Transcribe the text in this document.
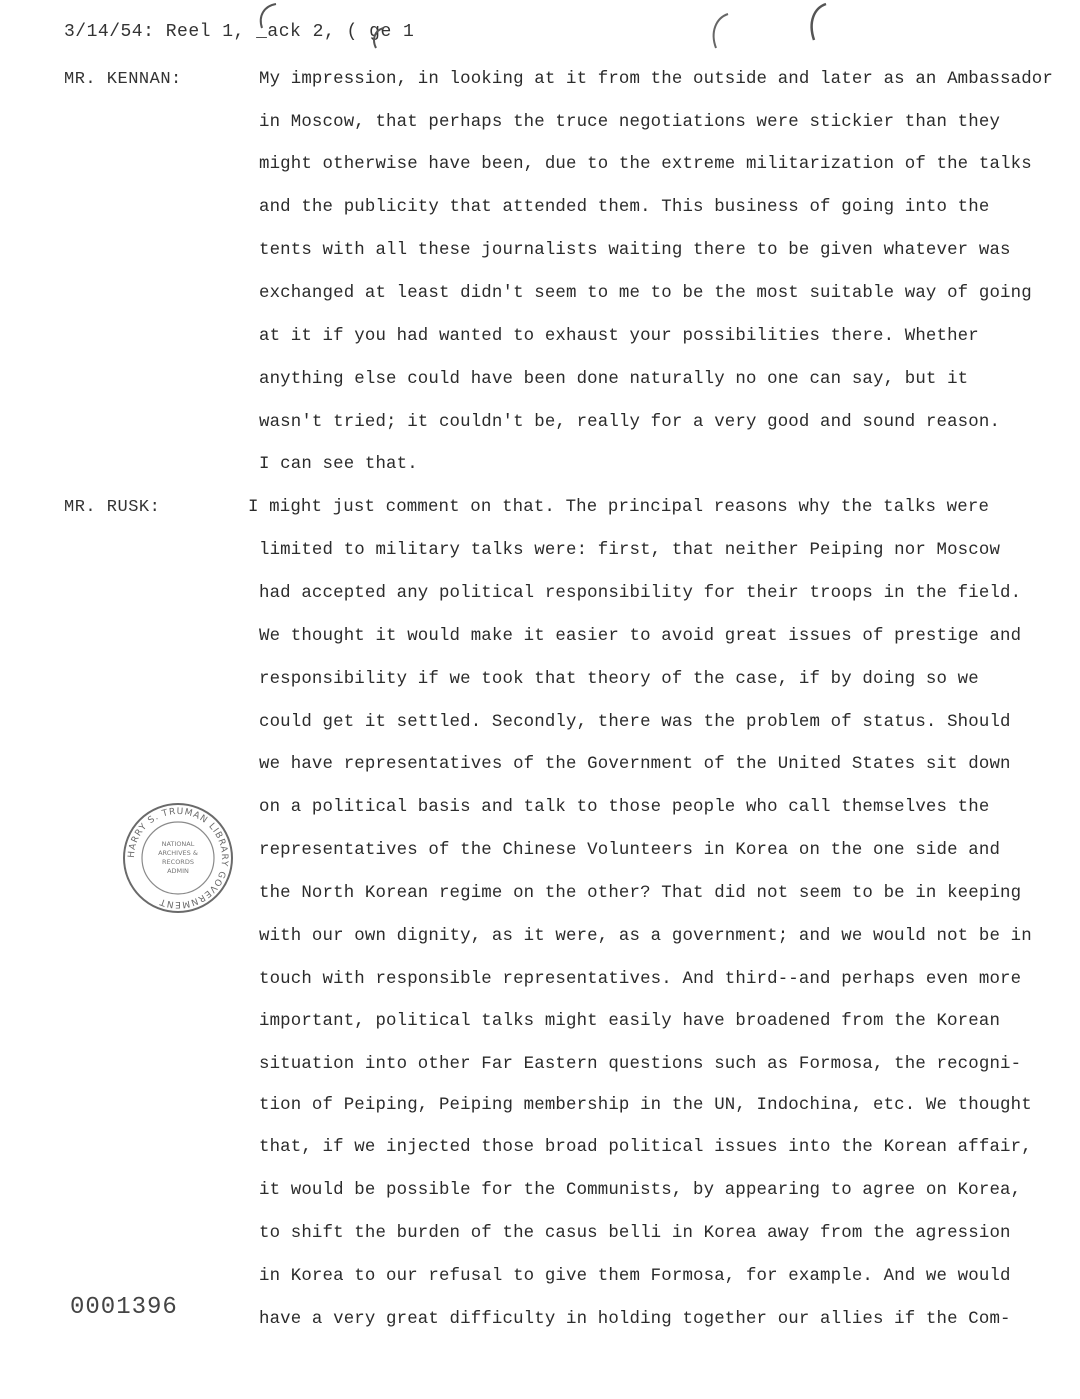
3/14/54: Reel 1, _ack 2, ( ge 1
MR. KENNAN:	My impression, in looking at it from the outside and later as an Ambassador
in Moscow, that perhaps the truce negotiations were stickier than they
might otherwise have been, due to the extreme militarization of the talks
and the publicity that attended them. This business of going into the
tents with all these journalists waiting there to be given whatever was
exchanged at least didn't seem to me to be the most suitable way of going
at it if you had wanted to exhaust your possibilities there. Whether
anything else could have been done naturally no one can say, but it
wasn't tried; it couldn't be, really for a very good and sound reason.
I can see that.
MR. RUSK:	I might just comment on that. The principal reasons why the talks were
limited to military talks were: first, that neither Peiping nor Moscow
had accepted any political responsibility for their troops in the field.
We thought it would make it easier to avoid great issues of prestige and
responsibility if we took that theory of the case, if by doing so we
could get it settled. Secondly, there was the problem of status. Should
we have representatives of the Government of the United States sit down
on a political basis and talk to those people who call themselves the
representatives of the Chinese Volunteers in Korea on the one side and
the North Korean regime on the other? That did not seem to be in keeping
with our own dignity, as it were, as a government; and we would not be in
touch with responsible representatives. And third--and perhaps even more
important, political talks might easily have broadened from the Korean
situation into other Far Eastern questions such as Formosa, the recogni-
tion of Peiping, Peiping membership in the UN, Indochina, etc. We thought
that, if we injected those broad political issues into the Korean affair,
it would be possible for the Communists, by appearing to agree on Korea,
to shift the burden of the casus belli in Korea away from the agression
in Korea to our refusal to give them Formosa, for example. And we would
have a very great difficulty in holding together our allies if the Com-
HARRY S. TRUMAN LIBRARY GOVERNMENT
NATIONAL
ARCHIVES &
RECORDS
ADMIN
0001396
